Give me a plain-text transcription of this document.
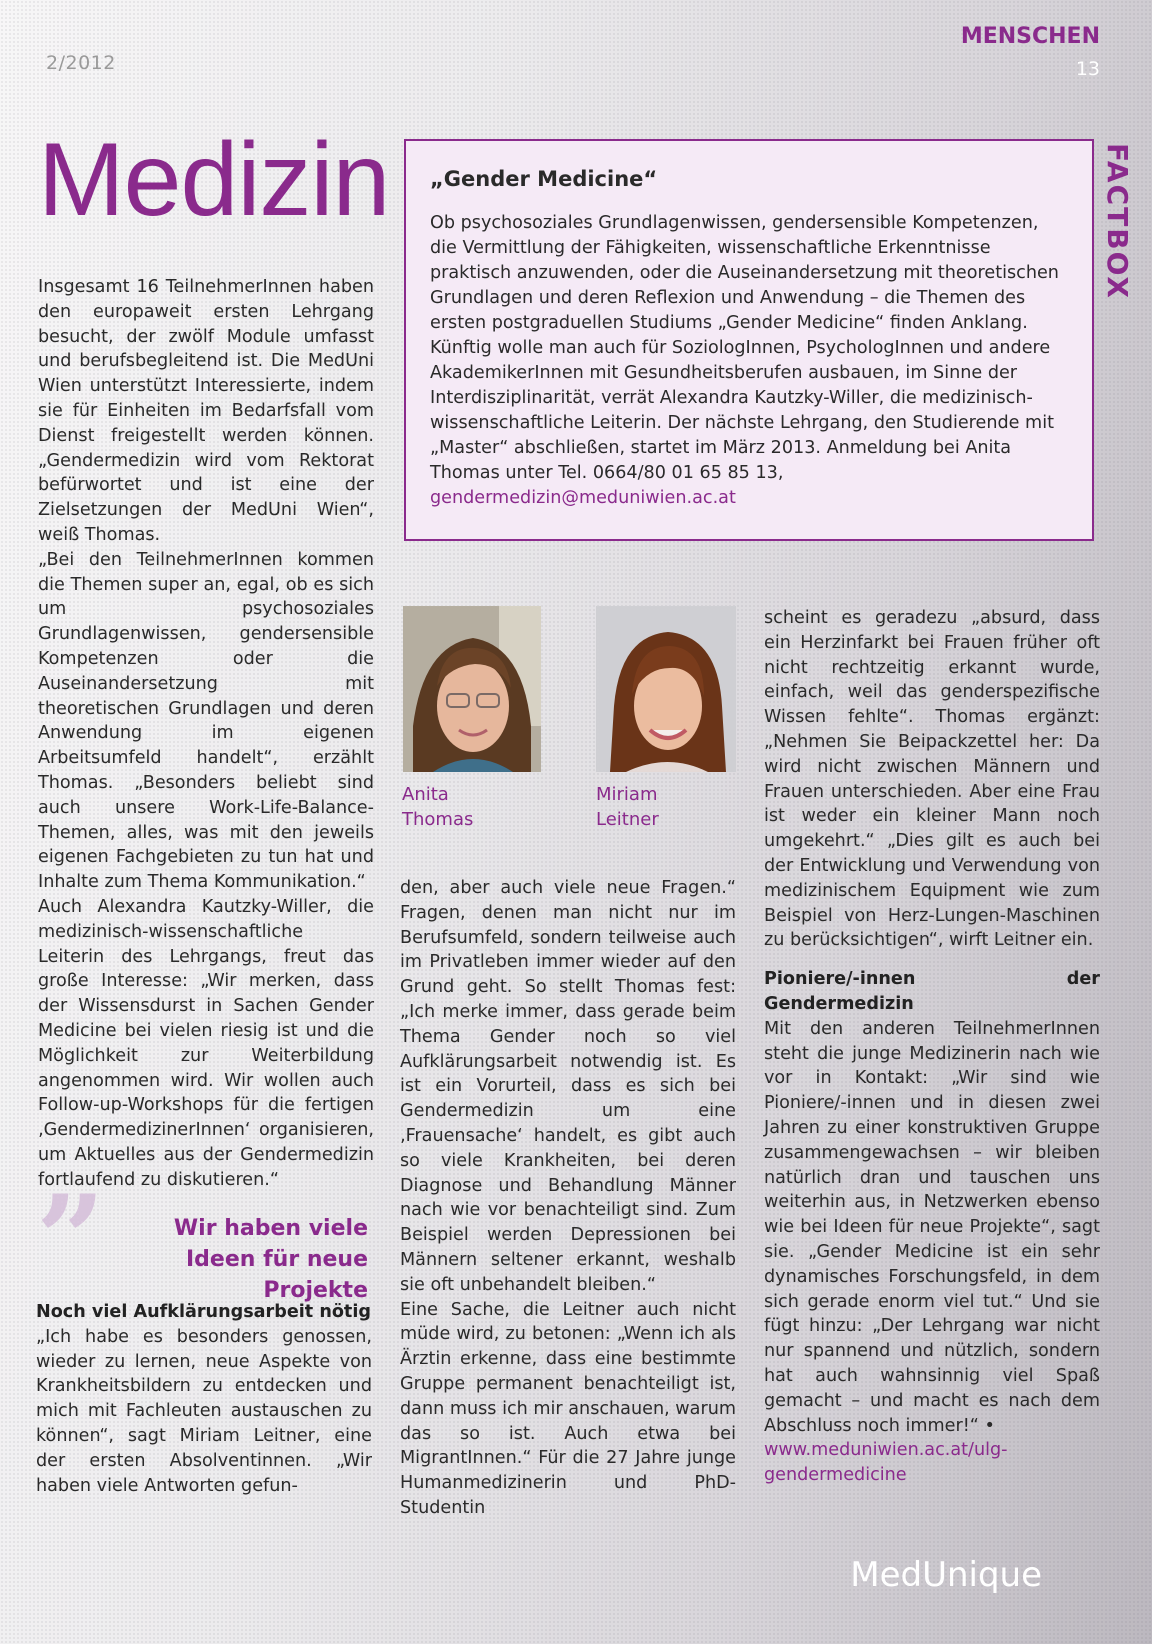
2/2012
MENSCHEN
13
Medizin

Insgesamt 16 TeilnehmerInnen haben den europaweit ersten Lehrgang besucht, der zwölf Module umfasst und berufsbegleitend ist. Die MedUni Wien unterstützt Interessierte, indem sie für Einheiten im Bedarfsfall vom Dienst freigestellt werden können. „Gendermedizin wird vom Rektorat befürwortet und ist eine der Zielsetzungen der MedUni Wien“, weiß Thomas.

„Bei den TeilnehmerInnen kommen die Themen super an, egal, ob es sich um psychosoziales Grundlagenwissen, gendersensible Kompetenzen oder die Auseinandersetzung mit theoretischen Grundlagen und deren Anwendung im eigenen Arbeitsumfeld handelt“, erzählt Thomas. „Besonders beliebt sind auch unsere Work-Life-Balance-Themen, alles, was mit den jeweils eigenen Fachgebieten zu tun hat und Inhalte zum Thema Kommunikation.“

Auch Alexandra Kautzky-Willer, die medizinisch-wissenschaftliche Leiterin des Lehrgangs, freut das große Interesse: „Wir merken, dass der Wissensdurst in Sachen Gender Medicine bei vielen riesig ist und die Möglichkeit zur Weiterbildung angenommen wird. Wir wollen auch Follow-up-Workshops für die fertigen ‚GendermedizinerInnen‘ organisieren, um Aktuelles aus der Gendermedizin fortlaufend zu diskutieren.“

”	Wir haben viele Ideen für neue Projekte
Noch viel Aufklärungsarbeit nötig

„Ich habe es besonders genossen, wieder zu lernen, neue Aspekte von Krankheitsbildern zu entdecken und mich mit Fachleuten austauschen zu können“, sagt Miriam Leitner, eine der ersten Absolventinnen. „Wir haben viele Antworten gefun-

„Gender Medicine“
Ob psychosoziales Grundlagenwissen, gendersensible Kompetenzen, die Vermittlung der Fähigkeiten, wissenschaftliche Erkenntnisse praktisch anzuwenden, oder die Auseinandersetzung mit theoretischen Grundlagen und deren Reflexion und Anwendung – die Themen des ersten postgraduellen Studiums „Gender Medicine“ finden Anklang. Künftig wolle man auch für SoziologInnen, PsychologInnen und andere AkademikerInnen mit Gesundheitsberufen ausbauen, im Sinne der Interdisziplinarität, verrät Alexandra Kautzky-Willer, die medizinisch-wissenschaftliche Leiterin. Der nächste Lehrgang, den Studierende mit „Master“ abschließen, startet im März 2013. Anmeldung bei Anita Thomas unter Tel. 0664/80 01 65 85 13,
gendermedizin@meduniwien.ac.at
FACTBOX
Anita Thomas
Miriam Leitner

den, aber auch viele neue Fragen.“ Fragen, denen man nicht nur im Berufsumfeld, sondern teilweise auch im Privatleben immer wieder auf den Grund geht. So stellt Thomas fest: „Ich merke immer, dass gerade beim Thema Gender noch so viel Aufklärungsarbeit notwendig ist. Es ist ein Vorurteil, dass es sich bei Gendermedizin um eine ‚Frauensache‘ handelt, es gibt auch so viele Krankheiten, bei deren Diagnose und Behandlung Männer nach wie vor benachteiligt sind. Zum Beispiel werden Depressionen bei Männern seltener erkannt, weshalb sie oft unbehandelt bleiben.“

Eine Sache, die Leitner auch nicht müde wird, zu betonen: „Wenn ich als Ärztin erkenne, dass eine bestimmte Gruppe permanent benachteiligt ist, dann muss ich mir anschauen, warum das so ist. Auch etwa bei MigrantInnen.“ Für die 27 Jahre junge Humanmedizinerin und PhD-Studentin

scheint es geradezu „absurd, dass ein Herzinfarkt bei Frauen früher oft nicht rechtzeitig erkannt wurde, einfach, weil das genderspezifische Wissen fehlte“. Thomas ergänzt: „Nehmen Sie Beipackzettel her: Da wird nicht zwischen Männern und Frauen unterschieden. Aber eine Frau ist weder ein kleiner Mann noch umgekehrt.“ „Dies gilt es auch bei der Entwicklung und Verwendung von medizinischem Equipment wie zum Beispiel von Herz-Lungen-Maschinen zu berücksichtigen“, wirft Leitner ein.

Pioniere/-innen der Gendermedizin

Mit den anderen TeilnehmerInnen steht die junge Medizinerin nach wie vor in Kontakt: „Wir sind wie Pioniere/-innen und in diesen zwei Jahren zu einer konstruktiven Gruppe zusammengewachsen – wir bleiben natürlich dran und tauschen uns weiterhin aus, in Netzwerken ebenso wie bei Ideen für neue Projekte“, sagt sie. „Gender Medicine ist ein sehr dynamisches Forschungsfeld, in dem sich gerade enorm viel tut.“ Und sie fügt hinzu: „Der Lehrgang war nicht nur spannend und nützlich, sondern hat auch wahnsinnig viel Spaß gemacht – und macht es nach dem Abschluss noch immer!“ •

www.meduniwien.ac.at/ulg-gendermedicine

MedUnique
